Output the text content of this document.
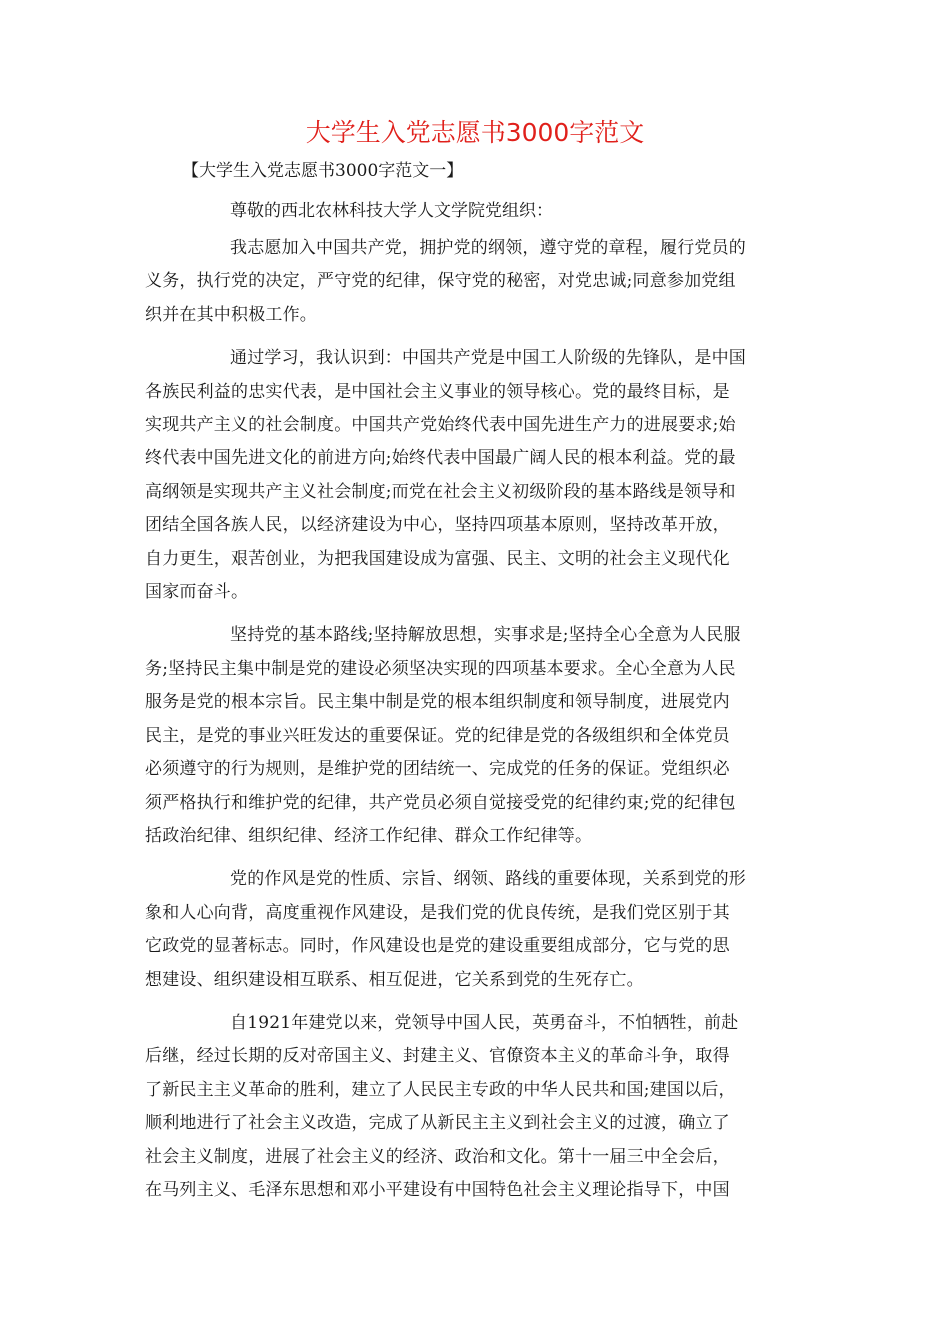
大学生入党志愿书3000字范文

【大学生入党志愿书3000字范文一】

尊敬的西北农林科技大学人文学院党组织：

我志愿加入中国共产党，拥护党的纲领，遵守党的章程，履行党员的
义务，执行党的决定，严守党的纪律，保守党的秘密，对党忠诚;同意参加党组
织并在其中积极工作。

通过学习，我认识到：中国共产党是中国工人阶级的先锋队，是中国
各族民利益的忠实代表，是中国社会主义事业的领导核心。党的最终目标，是
实现共产主义的社会制度。中国共产党始终代表中国先进生产力的进展要求;始
终代表中国先进文化的前进方向;始终代表中国最广阔人民的根本利益。党的最
高纲领是实现共产主义社会制度;而党在社会主义初级阶段的基本路线是领导和
团结全国各族人民，以经济建设为中心，坚持四项基本原则，坚持改革开放，
自力更生，艰苦创业，为把我国建设成为富强、民主、文明的社会主义现代化
国家而奋斗。

坚持党的基本路线;坚持解放思想，实事求是;坚持全心全意为人民服
务;坚持民主集中制是党的建设必须坚决实现的四项基本要求。全心全意为人民
服务是党的根本宗旨。民主集中制是党的根本组织制度和领导制度，进展党内
民主，是党的事业兴旺发达的重要保证。党的纪律是党的各级组织和全体党员
必须遵守的行为规则，是维护党的团结统一、完成党的任务的保证。党组织必
须严格执行和维护党的纪律，共产党员必须自觉接受党的纪律约束;党的纪律包
括政治纪律、组织纪律、经济工作纪律、群众工作纪律等。

党的作风是党的性质、宗旨、纲领、路线的重要体现，关系到党的形
象和人心向背，高度重视作风建设，是我们党的优良传统，是我们党区别于其
它政党的显著标志。同时，作风建设也是党的建设重要组成部分，它与党的思
想建设、组织建设相互联系、相互促进，它关系到党的生死存亡。

自1921年建党以来，党领导中国人民，英勇奋斗，不怕牺牲，前赴
后继，经过长期的反对帝国主义、封建主义、官僚资本主义的革命斗争，取得
了新民主主义革命的胜利，建立了人民民主专政的中华人民共和国;建国以后，
顺利地进行了社会主义改造，完成了从新民主主义到社会主义的过渡，确立了
社会主义制度，进展了社会主义的经济、政治和文化。第十一届三中全会后，
在马列主义、毛泽东思想和邓小平建设有中国特色社会主义理论指导下，中国
